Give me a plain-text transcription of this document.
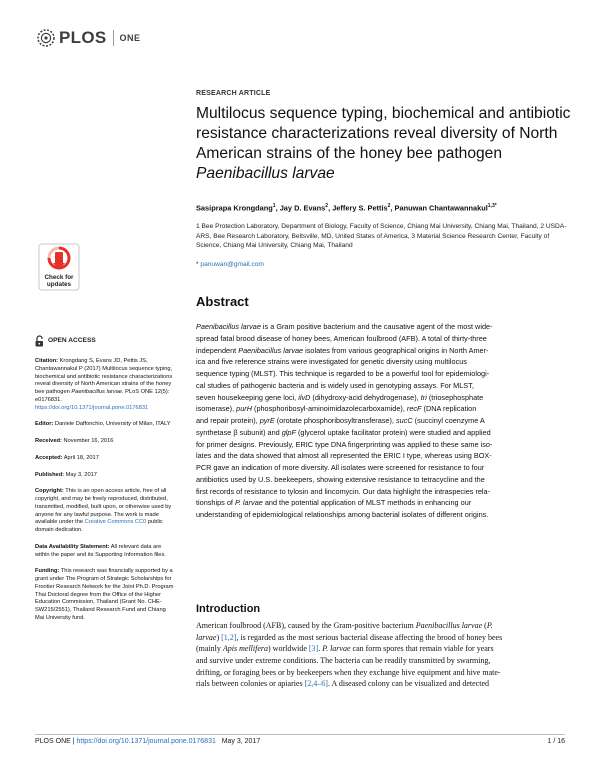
PLOS ONE
RESEARCH ARTICLE
Multilocus sequence typing, biochemical and antibiotic resistance characterizations reveal diversity of North American strains of the honey bee pathogen Paenibacillus larvae
Sasiprapa Krongdang$^1$, Jay D. Evans$^2$, Jeffery S. Pettis$^2$, Panuwan Chantawannakul$^{1,3*}$
1 Bee Protection Laboratory, Department of Biology, Faculty of Science, Chiang Mai University, Chiang Mai, Thailand, 2 USDA-ARS, Bee Research Laboratory, Beltsville, MD, United States of America, 3 Material Science Research Center, Faculty of Science, Chiang Mai University, Chiang Mai, Thailand
* panuwan@gmail.com
Check for
updates
Abstract
Paenibacillus larvae is a Gram positive bacterium and the causative agent of the most wide-
spread fatal brood disease of honey bees, American foulbrood (AFB). A total of thirty-three
independent Paenibacillus larvae isolates from various geographical origins in North Amer-
ica and five reference strains were investigated for genetic diversity using multilocus
sequence typing (MLST). This technique is regarded to be a powerful tool for epidemiologi-
cal studies of pathogenic bacteria and is widely used in genotyping assays. For MLST,
seven housekeeping gene loci, ilvD (dihydroxy-acid dehydrogenase), tri (triosephosphate
isomerase), purH (phosphoribosyl-aminoimidazolecarboxamide), recF (DNA replication
and repair protein), pyrE (orotate phosphoribosyltransferase), sucC (succinyl coenzyme A
synthetase β subunit) and glpF (glycerol uptake facilitator protein) were studied and applied
for primer designs. Previously, ERIC type DNA fingerprinting was applied to these same iso-
lates and the data showed that almost all represented the ERIC I type, whereas using BOX-
PCR gave an indication of more diversity. All isolates were screened for resistance to four
antibiotics used by U.S. beekeepers, showing extensive resistance to tetracycline and the
first records of resistance to tylosin and lincomycin. Our data highlight the intraspecies rela-
tionships of P. larvae and the potential application of MLST methods in enhancing our
understanding of epidemiological relationships among bacterial isolates of different origins.
OPEN ACCESS
Citation: Krongdang S, Evans JD, Pettis JS, Chantawannakul P (2017) Multilocus sequence typing, biochemical and antibiotic resistance characterizations reveal diversity of North American strains of the honey bee pathogen Paenibacillus larvae. PLoS ONE 12(5): e0176831. https://doi.org/10.1371/journal.pone.0176831
Editor: Daniele Daffonchio, University of Milan, ITALY
Received: November 16, 2016
Accepted: April 18, 2017
Published: May 3, 2017
Copyright: This is an open access article, free of all copyright, and may be freely reproduced, distributed, transmitted, modified, built upon, or otherwise used by anyone for any lawful purpose. The work is made available under the Creative Commons CC0 public domain dedication.
Data Availability Statement: All relevant data are within the paper and its Supporting Information files.
Funding: This research was financially supported by a grant under The Program of Strategic Scholarships for Frontier Research Network for the Joint Ph.D. Program Thai Doctoral degree from the Office of the Higher Education Commission, Thailand (Grant No. CHE-SW215/2551), Thailand Research Fund and Chiang Mai University fund.
Introduction
American foulbrood (AFB), caused by the Gram-positive bacterium Paenibacillus larvae (P.
larvae) [1,2], is regarded as the most serious bacterial disease affecting the brood of honey bees
(mainly Apis mellifera) worldwide [3]. P. larvae can form spores that remain viable for years
and survive under extreme conditions. The bacteria can be readily transmitted by swarming,
drifting, or foraging bees or by beekeepers when they exchange hive equipment and hive mate-
rials between colonies or apiaries [2,4–6]. A diseased colony can be visualized and detected
PLOS ONE | https://doi.org/10.1371/journal.pone.0176831 May 3, 2017	1 / 16
